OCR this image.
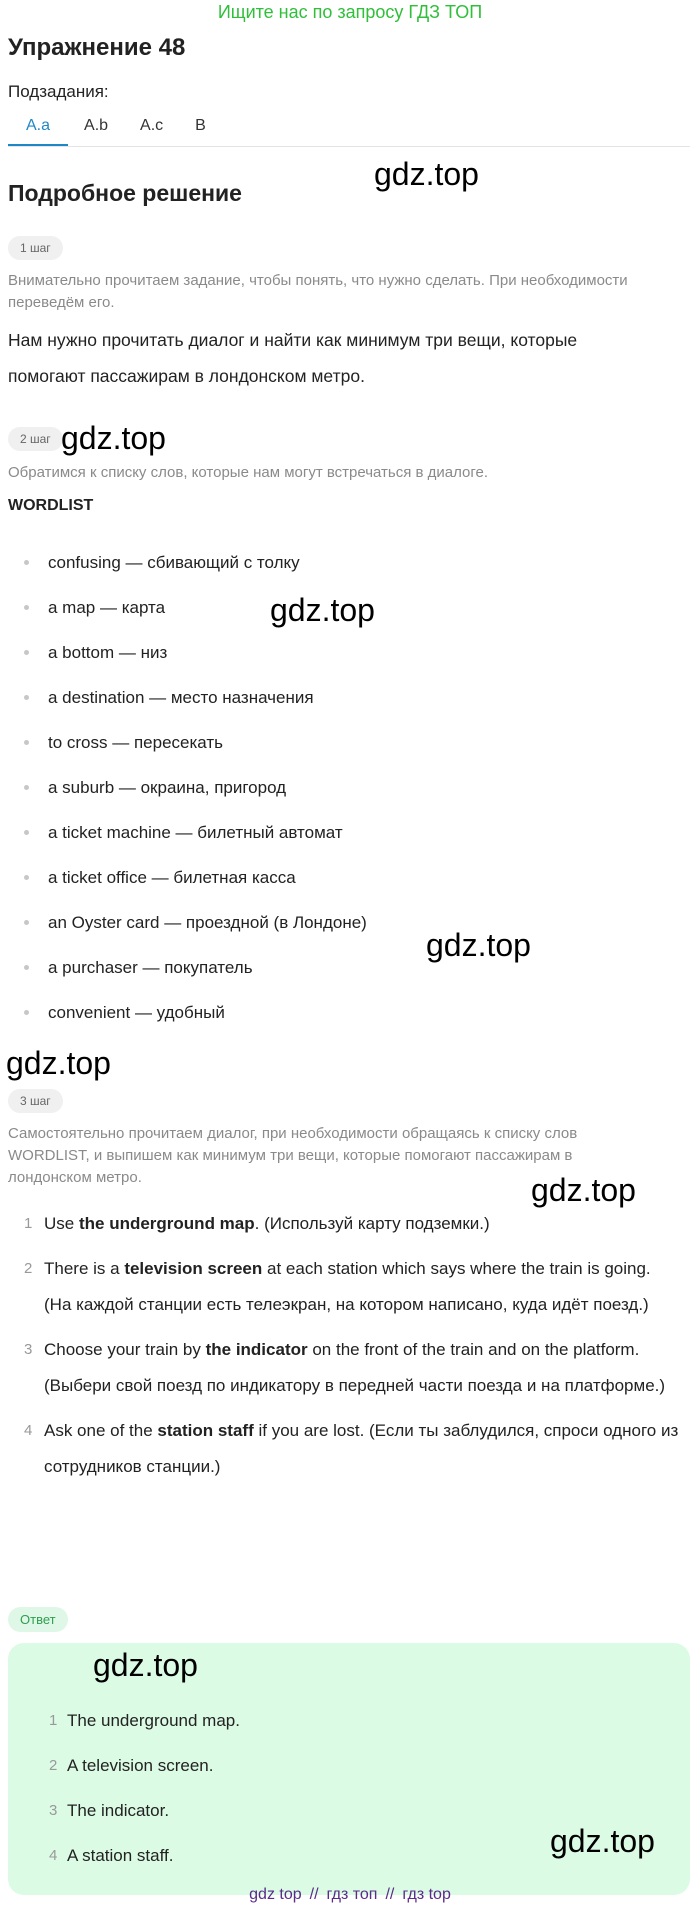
Ищите нас по запросу ГДЗ ТОП
Упражнение 48
Подзадания:
A.a	A.b	A.c	B
gdz.top
Подробное решение
1 шаг
Внимательно прочитаем задание, чтобы понять, что нужно сделать. При необходимости переведём его.
Нам нужно прочитать диалог и найти как минимум три вещи, которые помогают пассажирам в лондонском метро.
2 шаг gdz.top
Обратимся к списку слов, которые нам могут встречаться в диалоге.
WORDLIST
confusing — сбивающий с толку
a map — карта
a bottom — низ
a destination — место назначения
to cross — пересекать
a suburb — окраина, пригород
a ticket machine — билетный автомат
a ticket office — билетная касса
an Oyster card — проездной (в Лондоне)
a purchaser — покупатель
convenient — удобный
gdz.top
gdz.top
gdz.top
3 шаг
Самостоятельно прочитаем диалог, при необходимости обращаясь к списку слов WORDLIST, и выпишем как минимум три вещи, которые помогают пассажирам в лондонском метро.	gdz.top
1 Use the underground map. (Используй карту подземки.)
2 There is a television screen at each station which says where the train is going. (На каждой станции есть телеэкран, на котором написано, куда идёт поезд.)
3 Choose your train by the indicator on the front of the train and on the platform. (Выбери свой поезд по индикатору в передней части поезда и на платформе.)
4 Ask one of the station staff if you are lost. (Если ты заблудился, спроси одного из сотрудников станции.)
Ответ
gdz.top
1 The underground map.
2 A television screen.
3 The indicator.
4 A station staff.	gdz.top
gdz top // гдз топ // гдз top
